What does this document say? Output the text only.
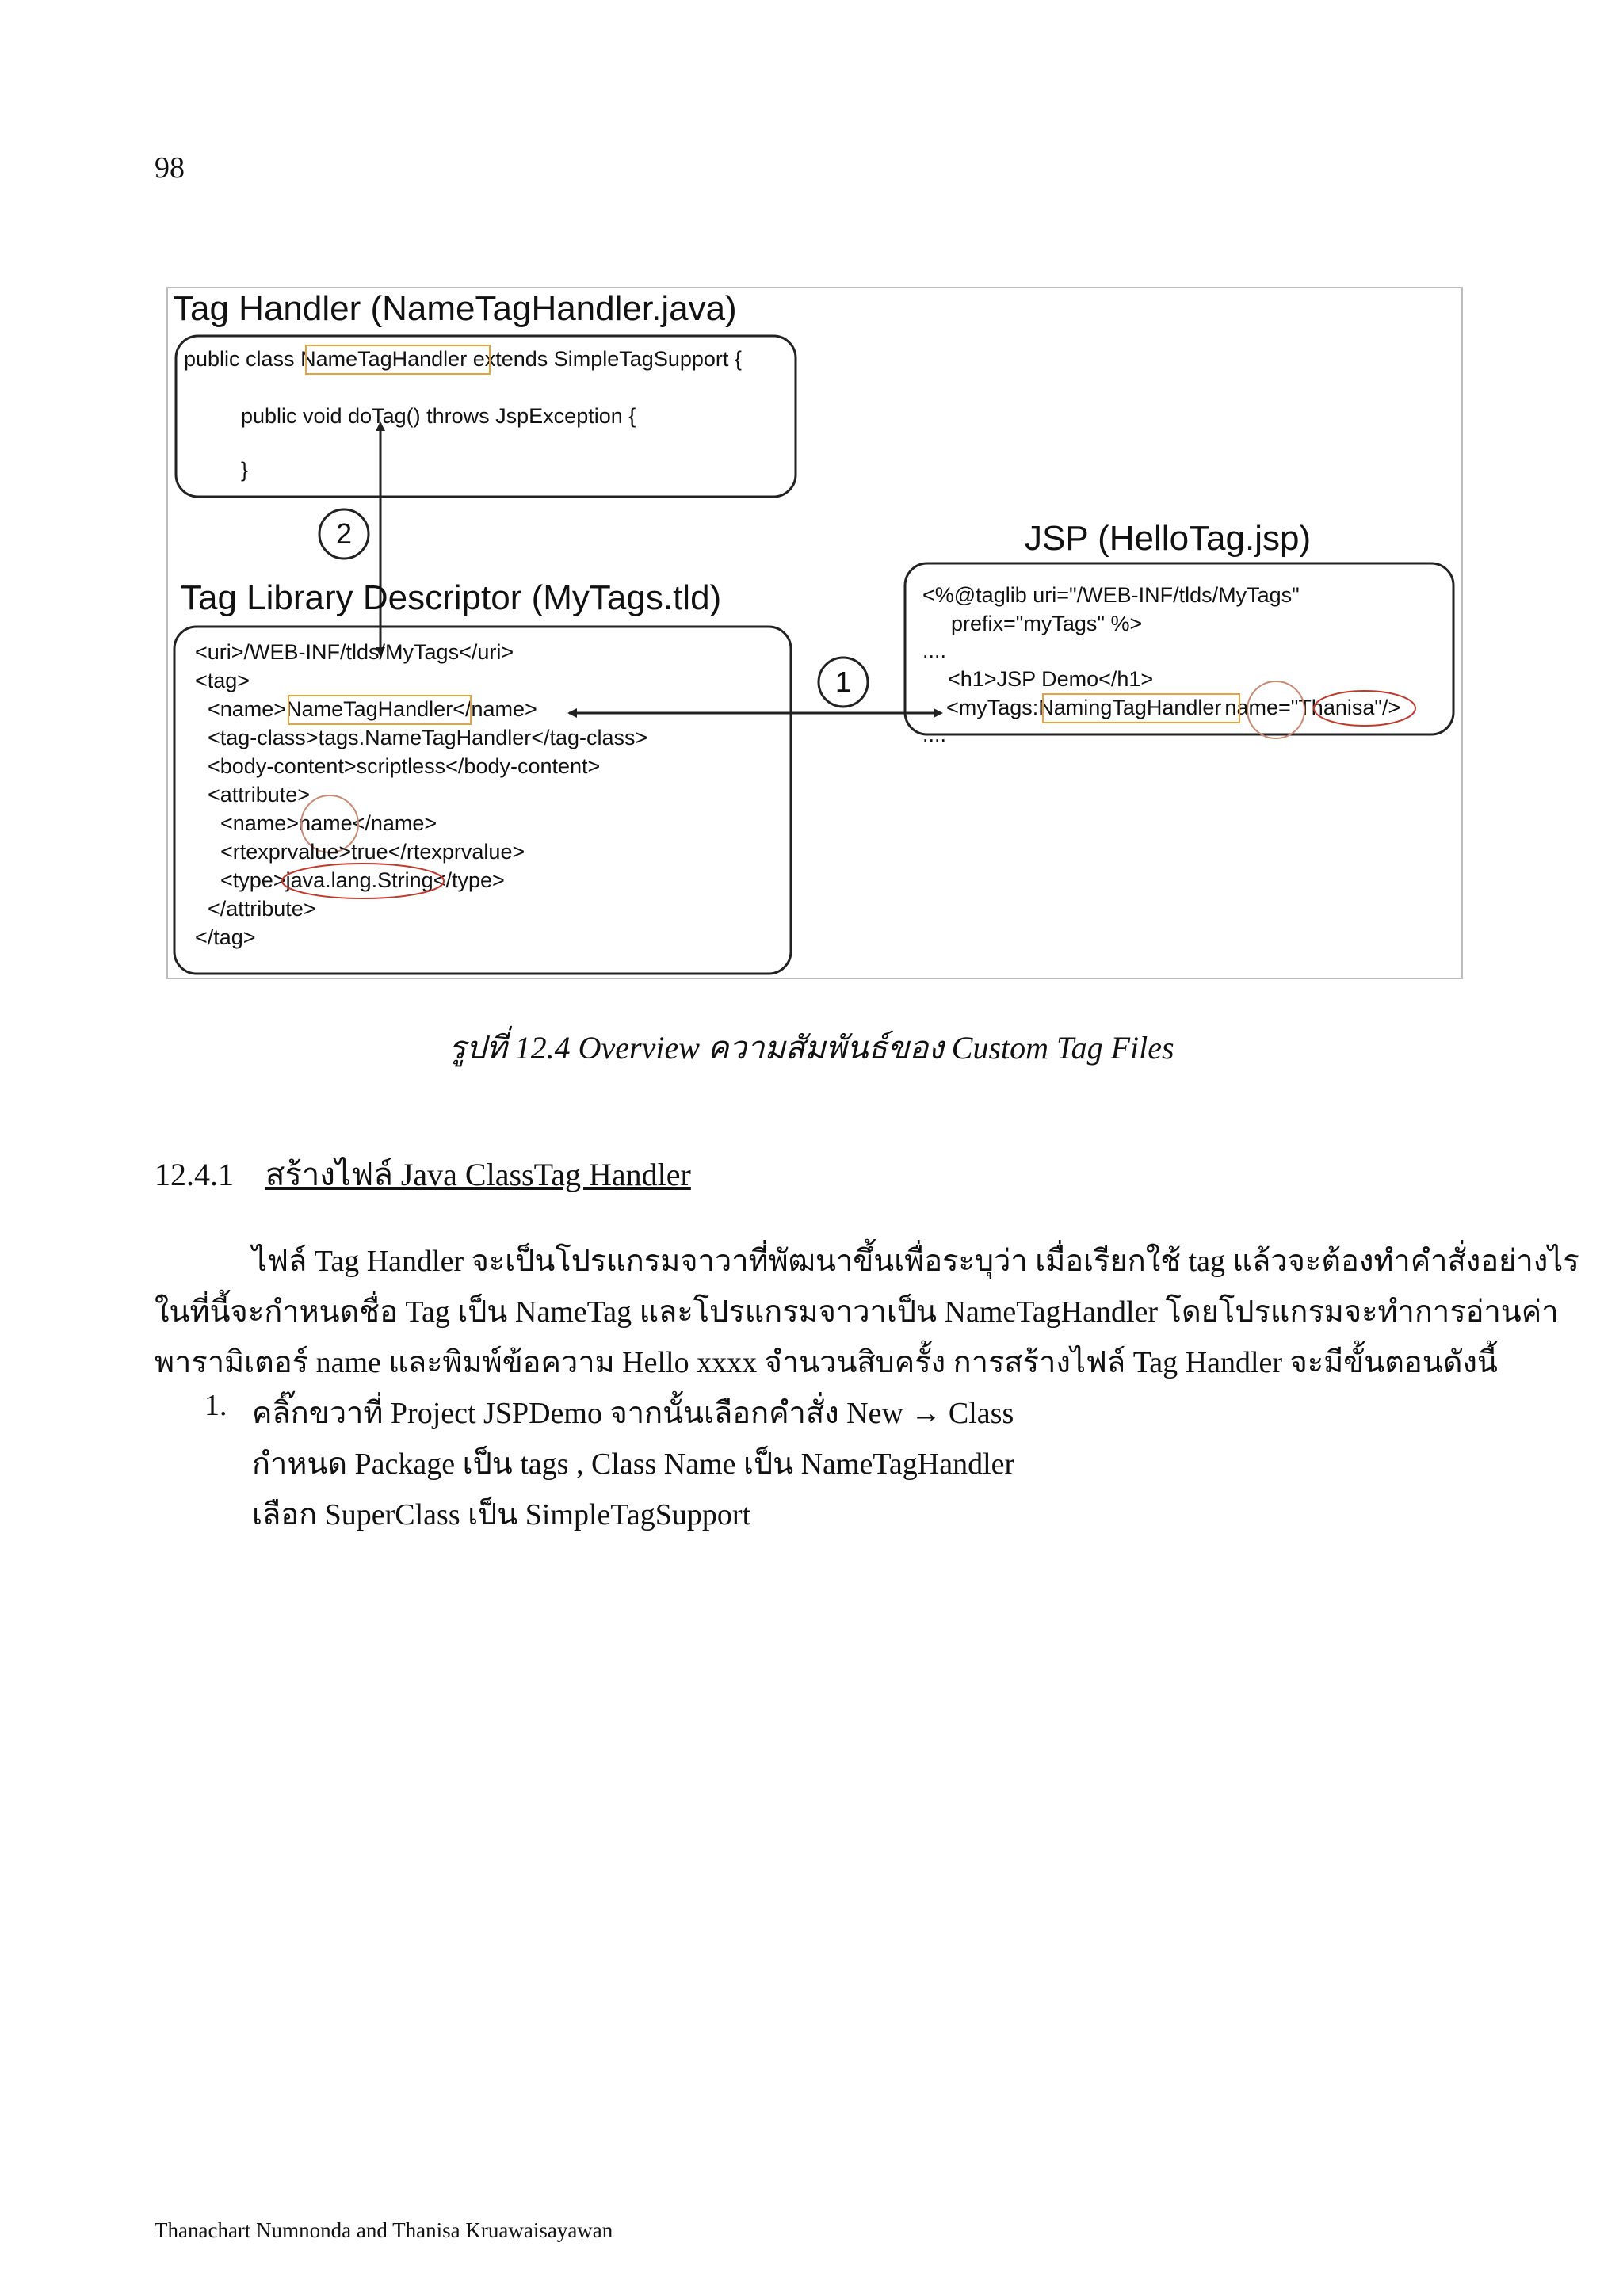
98
Tag Handler (NameTagHandler.java)
public class NameTagHandler extends SimpleTagSupport {
public void doTag() throws JspException {
}
2
Tag Library Descriptor (MyTags.tld)
<uri>/WEB-INF/tlds/MyTags</uri>
<tag>
<name>NameTagHandler</name>
<tag-class>tags.NameTagHandler</tag-class>
<body-content>scriptless</body-content>
<attribute>
<name>name</name>
<rtexprvalue>true</rtexprvalue>
<type>java.lang.String</type>
</attribute>
</tag>
1
JSP (HelloTag.jsp)
<%@taglib uri="/WEB-INF/tlds/MyTags"
prefix="myTags" %>
....
<h1>JSP Demo</h1>
<myTags:NamingTagHandler name="Thanisa"/>
....
รูปที่ 12.4 Overview ความสัมพันธ์ของ Custom Tag Files
12.4.1 สร้างไฟล์ Java ClassTag Handler
ไฟล์ Tag Handler จะเป็นโปรแกรมจาวาที่พัฒนาขึ้นเพื่อระบุว่า เมื่อเรียกใช้ tag แล้วจะต้องทำคำสั่งอย่างไร
ในที่นี้จะกำหนดชื่อ Tag เป็น NameTag และโปรแกรมจาวาเป็น NameTagHandler โดยโปรแกรมจะทำการอ่านค่า
พารามิเตอร์ name และพิมพ์ข้อความ Hello xxxx จำนวนสิบครั้ง การสร้างไฟล์ Tag Handler จะมีขั้นตอนดังนี้
1. คลิ๊กขวาที่ Project JSPDemo จากนั้นเลือกคำสั่ง New → Class
กำหนด Package เป็น tags , Class Name เป็น NameTagHandler
เลือก SuperClass เป็น SimpleTagSupport
Thanachart Numnonda and Thanisa Kruawaisayawan
